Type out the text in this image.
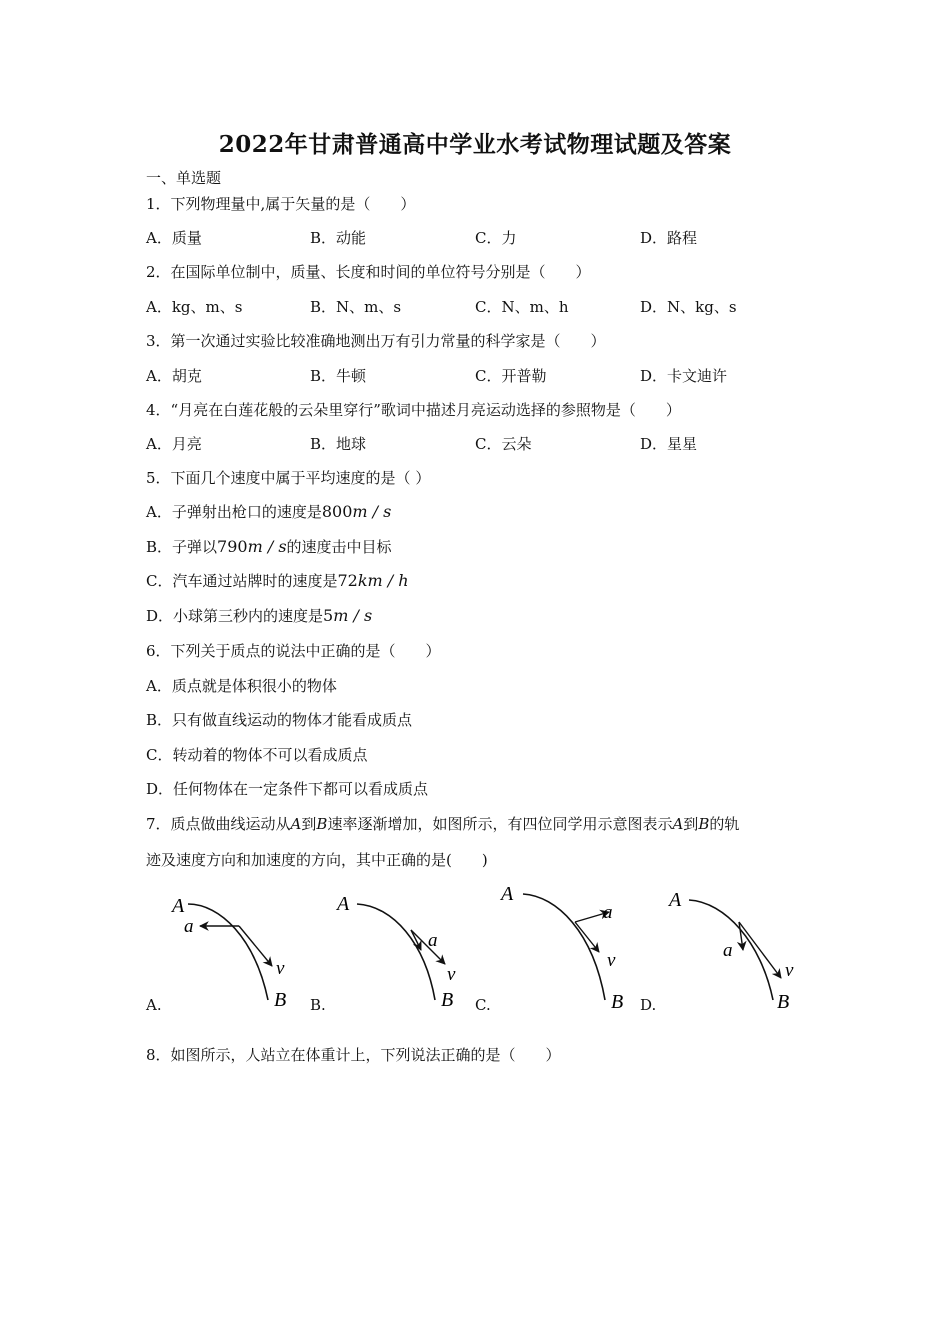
2022年甘肃普通高中学业水考试物理试题及答案
一、单选题
1．下列物理量中,属于矢量的是（　　）
A．质量	B．动能	C．力	D．路程
2．在国际单位制中，质量、长度和时间的单位符号分别是（　　）
A．kg、m、s	B．N、m、s	C．N、m、h	D．N、kg、s
3．第一次通过实验比较准确地测出万有引力常量的科学家是（　　）
A．胡克	B．牛顿	C．开普勒	D．卡文迪许
4．“月亮在白莲花般的云朵里穿行”歌词中描述月亮运动选择的参照物是（　　）
A．月亮	B．地球	C．云朵	D．星星
5．下面几个速度中属于平均速度的是（ ）
A．子弹射出枪口的速度是800m / s
B．子弹以790m / s的速度击中目标
C．汽车通过站牌时的速度是72km / h
D．小球第三秒内的速度是5m / s
6．下列关于质点的说法中正确的是（　　）
A．质点就是体积很小的物体
B．只有做直线运动的物体才能看成质点
C．转动着的物体不可以看成质点
D．任何物体在一定条件下都可以看成质点
7．质点做曲线运动从A到B速率逐渐增加，如图所示，有四位同学用示意图表示A到B的轨
迹及速度方向和加速度的方向，其中正确的是(　　)
A
a
v
B
A.
A
a
v
B
B.
A
a
v
B
C.
A
a
v
B
D.
8．如图所示，人站立在体重计上，下列说法正确的是（　　）
